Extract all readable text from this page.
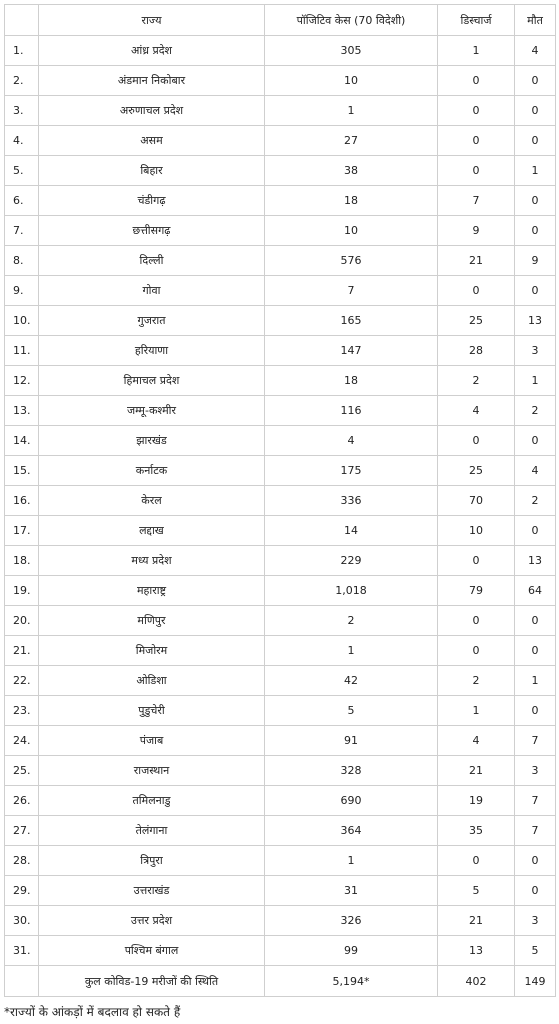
	राज्य	पॉजिटिव केस (70 विदेशी)	डिस्चार्ज	मौत
1.	आंध्र प्रदेश	305	1	4
2.	अंडमान निकोबार	10	0	0
3.	अरुणाचल प्रदेश	1	0	0
4.	असम	27	0	0
5.	बिहार	38	0	1
6.	चंडीगढ़	18	7	0
7.	छत्तीसगढ़	10	9	0
8.	दिल्ली	576	21	9
9.	गोवा	7	0	0
10.	गुजरात	165	25	13
11.	हरियाणा	147	28	3
12.	हिमाचल प्रदेश	18	2	1
13.	जम्मू-कश्मीर	116	4	2
14.	झारखंड	4	0	0
15.	कर्नाटक	175	25	4
16.	केरल	336	70	2
17.	लद्दाख	14	10	0
18.	मध्य प्रदेश	229	0	13
19.	महाराष्ट्र	1,018	79	64
20.	मणिपुर	2	0	0
21.	मिजोरम	1	0	0
22.	ओडिशा	42	2	1
23.	पुडुचेरी	5	1	0
24.	पंजाब	91	4	7
25.	राजस्थान	328	21	3
26.	तमिलनाडु	690	19	7
27.	तेलंगाना	364	35	7
28.	त्रिपुरा	1	0	0
29.	उत्तराखंड	31	5	0
30.	उत्तर प्रदेश	326	21	3
31.	पश्चिम बंगाल	99	13	5
	कुल कोविड-19 मरीजों की स्थिति	5,194*	402	149
*राज्यों के आंकड़ों में बदलाव हो सकते हैं
